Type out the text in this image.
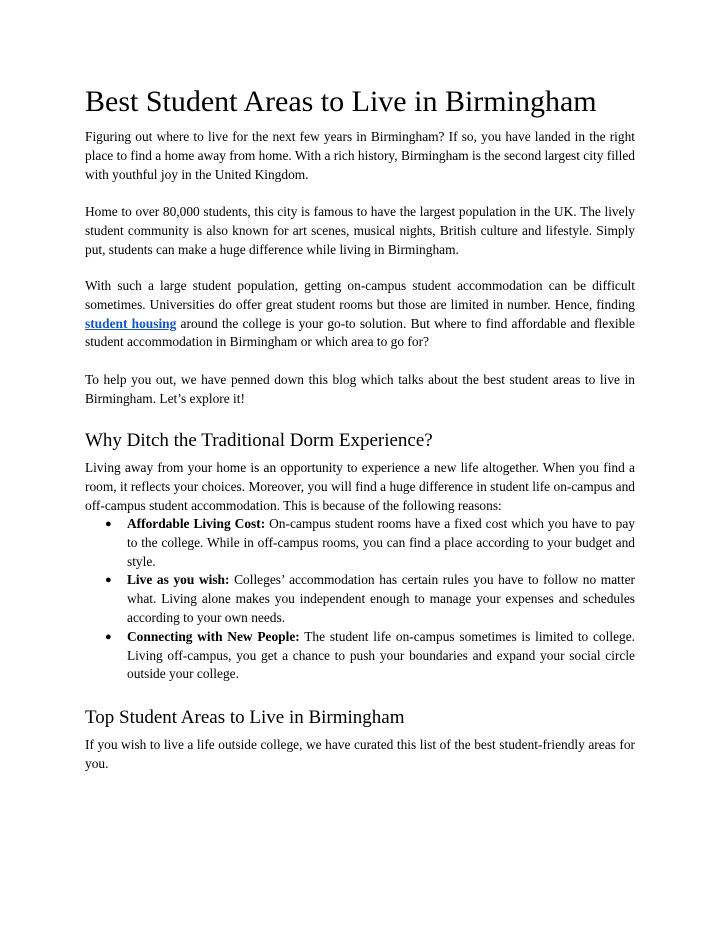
Best Student Areas to Live in Birmingham

Figuring out where to live for the next few years in Birmingham? If so, you have landed in the right place to find a home away from home. With a rich history, Birmingham is the second largest city filled with youthful joy in the United Kingdom.

Home to over 80,000 students, this city is famous to have the largest population in the UK. The lively student community is also known for art scenes, musical nights, British culture and lifestyle. Simply put, students can make a huge difference while living in Birmingham.

With such a large student population, getting on-campus student accommodation can be difficult sometimes. Universities do offer great student rooms but those are limited in number. Hence, finding student housing around the college is your go-to solution. But where to find affordable and flexible student accommodation in Birmingham or which area to go for?

To help you out, we have penned down this blog which talks about the best student areas to live in Birmingham. Let’s explore it!

Why Ditch the Traditional Dorm Experience?

Living away from your home is an opportunity to experience a new life altogether. When you find a room, it reflects your choices. Moreover, you will find a huge difference in student life on-campus and off-campus student accommodation. This is because of the following reasons:

● Affordable Living Cost: On-campus student rooms have a fixed cost which you have to pay to the college. While in off-campus rooms, you can find a place according to your budget and style.
● Live as you wish: Colleges’ accommodation has certain rules you have to follow no matter what. Living alone makes you independent enough to manage your expenses and schedules according to your own needs.
● Connecting with New People: The student life on-campus sometimes is limited to college. Living off-campus, you get a chance to push your boundaries and expand your social circle outside your college.
Top Student Areas to Live in Birmingham

If you wish to live a life outside college, we have curated this list of the best student-friendly areas for you.
